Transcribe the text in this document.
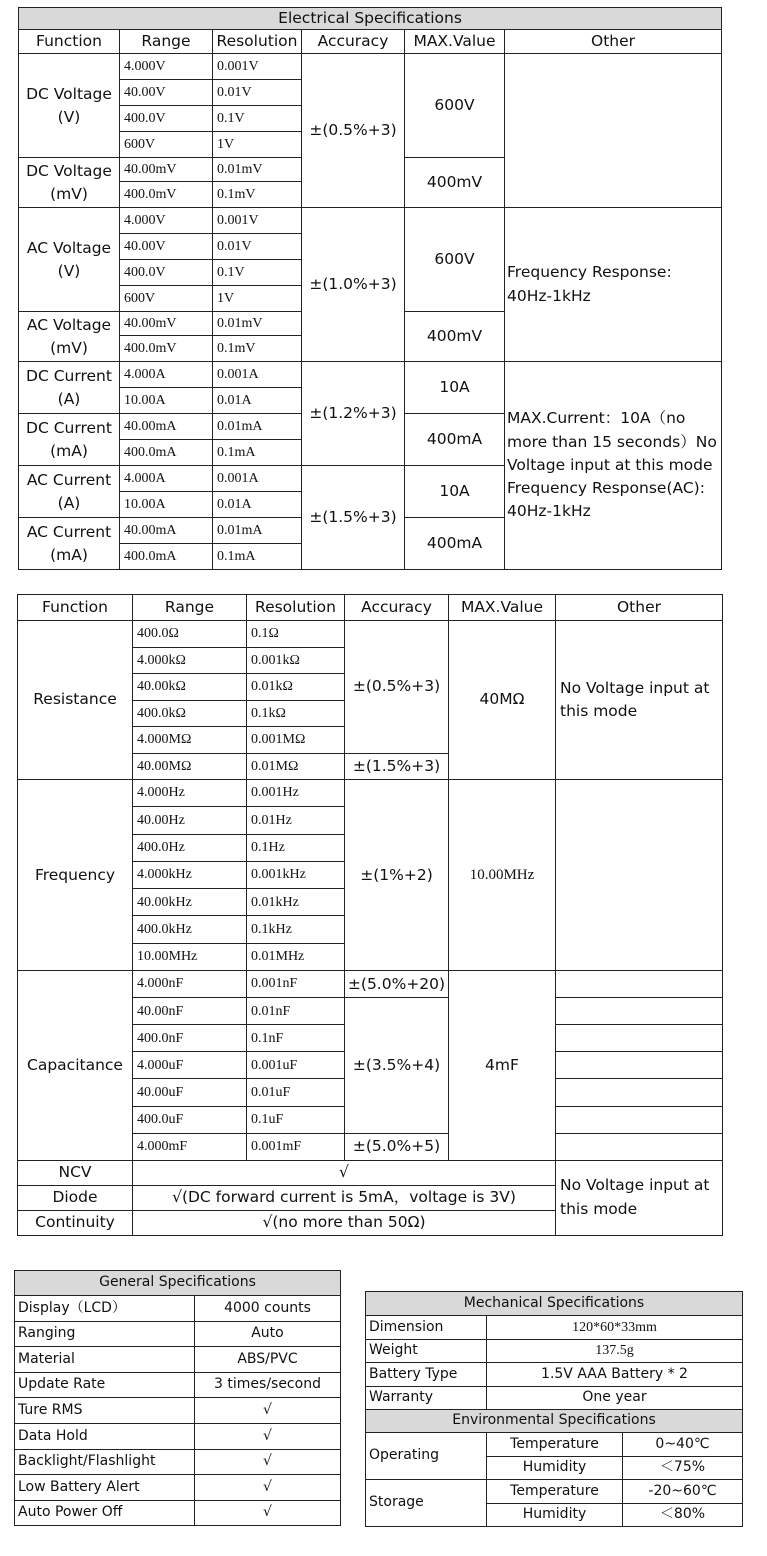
Electrical Specifications					
Function	Range	Resolution	Accuracy	MAX.Value	Other
DC Voltage (V)	4.000V	0.001V	±(0.5%+3)	600V	
	40.00V	0.01V			
	400.0V	0.1V			
	600V	1V			
DC Voltage (mV)	40.00mV	0.01mV		400mV	
	400.0mV	0.1mV			
AC Voltage (V)	4.000V	0.001V	±(1.0%+3)	600V	Frequency Response: 40Hz-1kHz
	40.00V	0.01V			
	400.0V	0.1V			
	600V	1V			
AC Voltage (mV)	40.00mV	0.01mV		400mV	
	400.0mV	0.1mV			
DC Current (A)	4.000A	0.001A	±(1.2%+3)	10A	MAX.Current：10A（no more than 15 seconds）No Voltage input at this mode Frequency Response(AC): 40Hz-1kHz
	10.00A	0.01A			
DC Current (mA)	40.00mA	0.01mA		400mA	
	400.0mA	0.1mA			
AC Current (A)	4.000A	0.001A	±(1.5%+3)	10A	
	10.00A	0.01A			
AC Current (mA)	40.00mA	0.01mA		400mA	
	400.0mA	0.1mA			
Function	Range	Resolution	Accuracy	MAX.Value	Other
Resistance	400.0Ω	0.1Ω	±(0.5%+3)	40MΩ	No Voltage input at this mode
	4.000kΩ	0.001kΩ			
	40.00kΩ	0.01kΩ			
	400.0kΩ	0.1kΩ			
	4.000MΩ	0.001MΩ			
	40.00MΩ	0.01MΩ	±(1.5%+3)		
Frequency	4.000Hz	0.001Hz	±(1%+2)	10.00MHz	
	40.00Hz	0.01Hz			
	400.0Hz	0.1Hz			
	4.000kHz	0.001kHz			
	40.00kHz	0.01kHz			
	400.0kHz	0.1kHz			
	10.00MHz	0.01MHz			
Capacitance	4.000nF	0.001nF	±(5.0%+20)	4mF	
	40.00nF	0.01nF	±(3.5%+4)		
	400.0nF	0.1nF			
	4.000uF	0.001uF			
	40.00uF	0.01uF			
	400.0uF	0.1uF			
	4.000mF	0.001mF	±(5.0%+5)		
NCV	√				No Voltage input at this mode
Diode	√(DC forward current is 5mA，voltage is 3V)				
Continuity	√(no more than 50Ω)				
General Specifications	
Display（LCD）	4000 counts
Ranging	Auto
Material	ABS/PVC
Update Rate	3 times/second
Ture RMS	√
Data Hold	√
Backlight/Flashlight	√
Low Battery Alert	√
Auto Power Off	√
Mechanical Specifications		
Dimension	120*60*33mm	
Weight	137.5g	
Battery Type	1.5V AAA Battery * 2	
Warranty	One year	
Environmental Specifications		
Operating	Temperature	0~40℃
	Humidity	＜75%
Storage	Temperature	-20~60℃
	Humidity	＜80%
